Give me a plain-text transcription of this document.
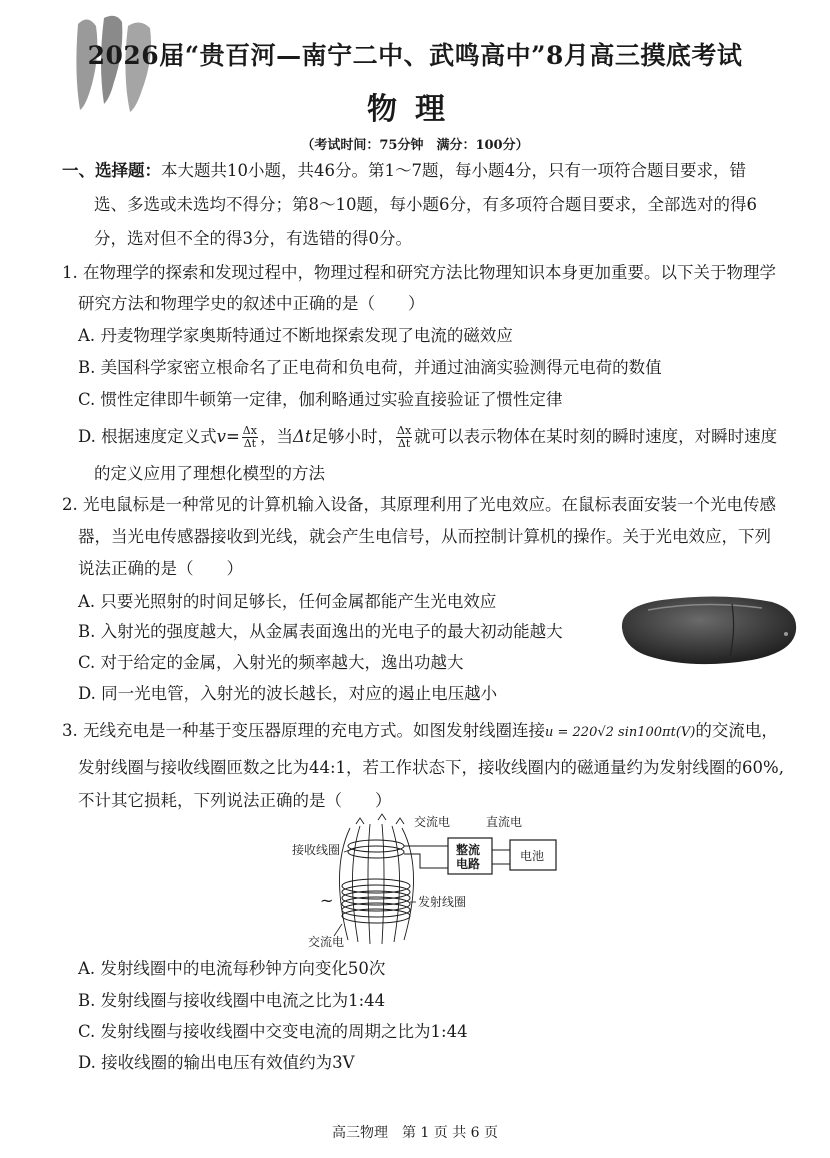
2026届“贵百河—南宁二中、武鸣高中”8月高三摸底考试
物理
（考试时间：75分钟　满分：100分）
一、选择题：本大题共10小题，共46分。第1～7题，每小题4分，只有一项符合题目要求，错
选、多选或未选均不得分；第8～10题，每小题6分，有多项符合题目要求，全部选对的得6
分，选对但不全的得3分，有选错的得0分。
1. 在物理学的探索和发现过程中，物理过程和研究方法比物理知识本身更加重要。以下关于物理学
研究方法和物理学史的叙述中正确的是（　　）
A. 丹麦物理学家奥斯特通过不断地探索发现了电流的磁效应
B. 美国科学家密立根命名了正电荷和负电荷，并通过油滴实验测得元电荷的数值
C. 惯性定律即牛顿第一定律，伽利略通过实验直接验证了惯性定律
D. 根据速度定义式$v= \frac{\Delta x}{\Delta t}$ ，当Δt足够小时， $\frac{\Delta x}{\Delta t}$ 就可以表示物体在某时刻的瞬时速度，对瞬时速度
的定义应用了理想化模型的方法
2. 光电鼠标是一种常见的计算机输入设备，其原理利用了光电效应。在鼠标表面安装一个光电传感
器，当光电传感器接收到光线，就会产生电信号，从而控制计算机的操作。关于光电效应，下列
说法正确的是（　　）
A. 只要光照射的时间足够长，任何金属都能产生光电效应
B. 入射光的强度越大，从金属表面逸出的光电子的最大初动能越大
C. 对于给定的金属，入射光的频率越大，逸出功越大
D. 同一光电管，入射光的波长越长，对应的遏止电压越小
3. 无线充电是一种基于变压器原理的充电方式。如图发射线圈连接u = 220√2 sin100πt(V)的交流电，
发射线圈与接收线圈匝数之比为44:1，若工作状态下，接收线圈内的磁通量约为发射线圈的60%,
不计其它损耗，下列说法正确的是（　　）
交流电	直流电
接收线圈	整流
电路
电池
~	发射线圈
交流电
A. 发射线圈中的电流每秒钟方向变化50次
B. 发射线圈与接收线圈中电流之比为1:44
C. 发射线圈与接收线圈中交变电流的周期之比为1:44
D. 接收线圈的输出电压有效值约为3V
高三物理　第 1 页 共 6 页
